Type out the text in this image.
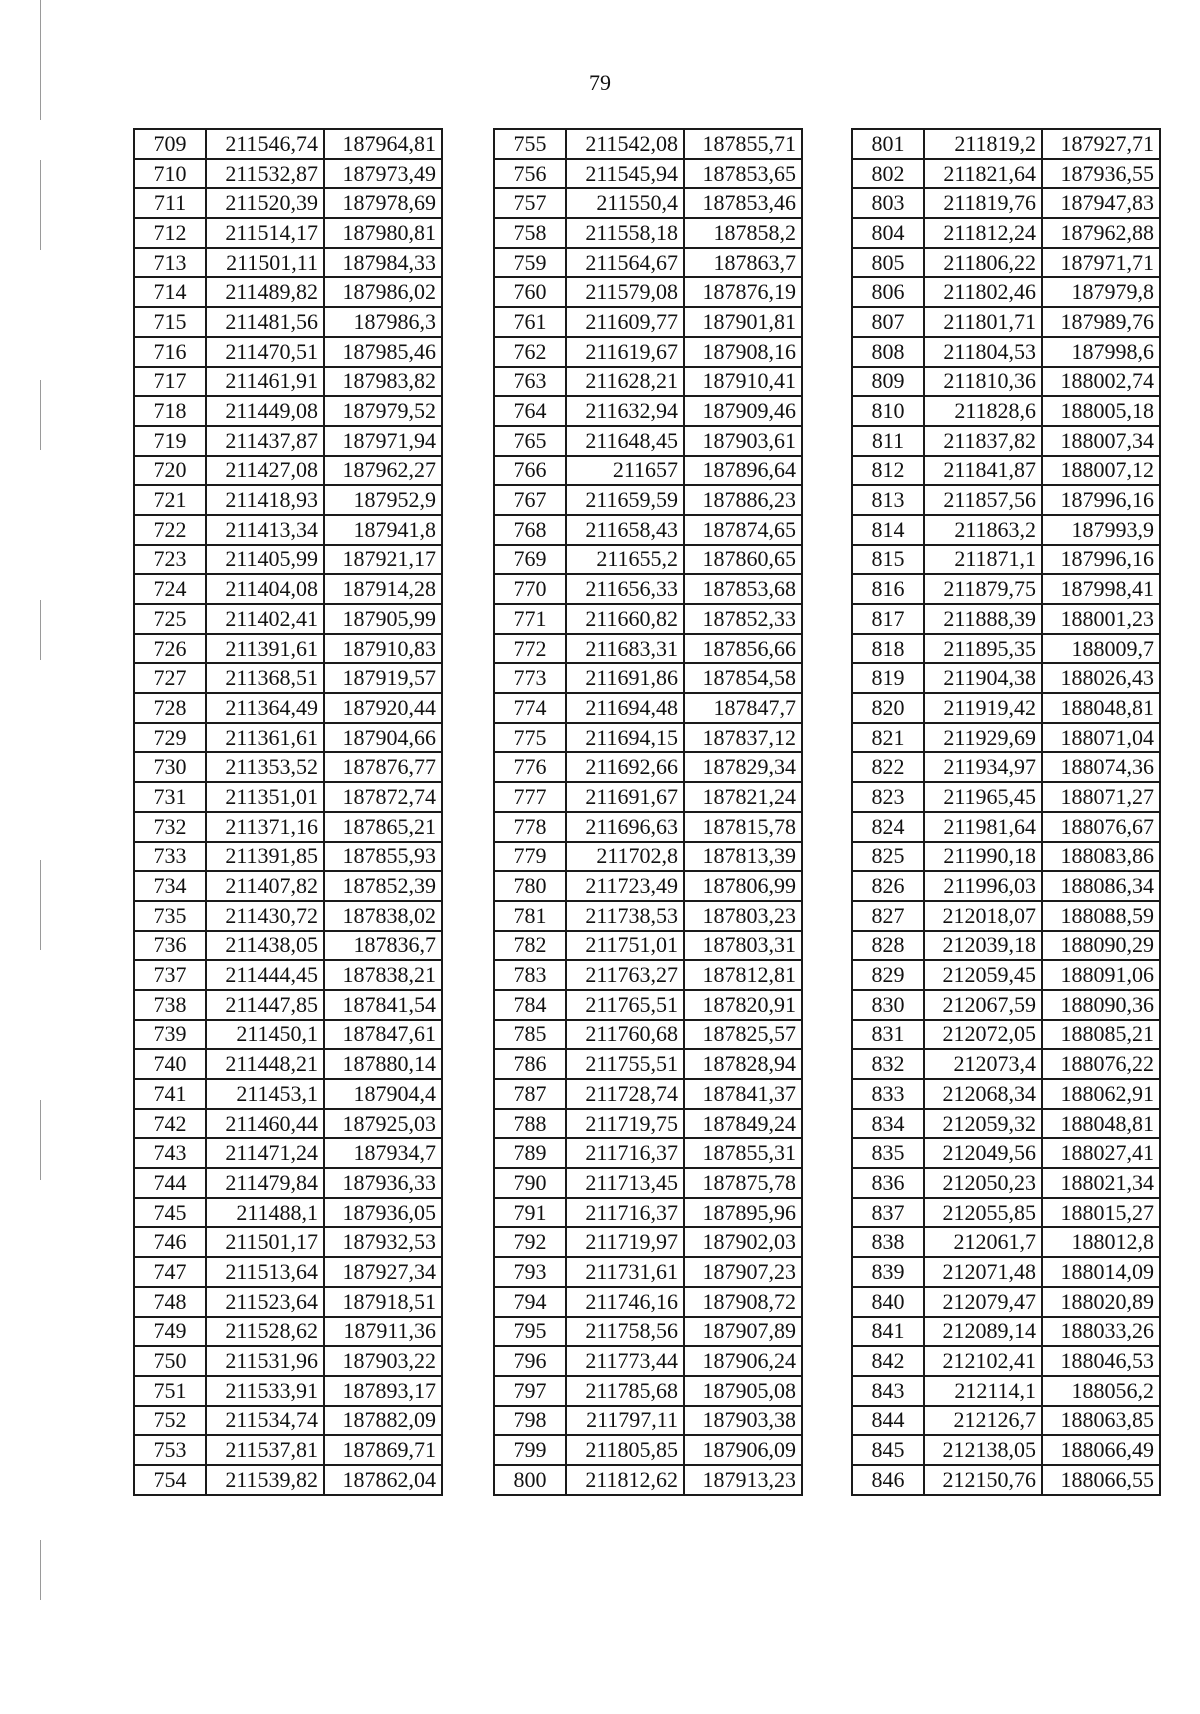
79
709	211546,74	187964,81
710	211532,87	187973,49
711	211520,39	187978,69
712	211514,17	187980,81
713	211501,11	187984,33
714	211489,82	187986,02
715	211481,56	187986,3
716	211470,51	187985,46
717	211461,91	187983,82
718	211449,08	187979,52
719	211437,87	187971,94
720	211427,08	187962,27
721	211418,93	187952,9
722	211413,34	187941,8
723	211405,99	187921,17
724	211404,08	187914,28
725	211402,41	187905,99
726	211391,61	187910,83
727	211368,51	187919,57
728	211364,49	187920,44
729	211361,61	187904,66
730	211353,52	187876,77
731	211351,01	187872,74
732	211371,16	187865,21
733	211391,85	187855,93
734	211407,82	187852,39
735	211430,72	187838,02
736	211438,05	187836,7
737	211444,45	187838,21
738	211447,85	187841,54
739	211450,1	187847,61
740	211448,21	187880,14
741	211453,1	187904,4
742	211460,44	187925,03
743	211471,24	187934,7
744	211479,84	187936,33
745	211488,1	187936,05
746	211501,17	187932,53
747	211513,64	187927,34
748	211523,64	187918,51
749	211528,62	187911,36
750	211531,96	187903,22
751	211533,91	187893,17
752	211534,74	187882,09
753	211537,81	187869,71
754	211539,82	187862,04
755	211542,08	187855,71
756	211545,94	187853,65
757	211550,4	187853,46
758	211558,18	187858,2
759	211564,67	187863,7
760	211579,08	187876,19
761	211609,77	187901,81
762	211619,67	187908,16
763	211628,21	187910,41
764	211632,94	187909,46
765	211648,45	187903,61
766	211657	187896,64
767	211659,59	187886,23
768	211658,43	187874,65
769	211655,2	187860,65
770	211656,33	187853,68
771	211660,82	187852,33
772	211683,31	187856,66
773	211691,86	187854,58
774	211694,48	187847,7
775	211694,15	187837,12
776	211692,66	187829,34
777	211691,67	187821,24
778	211696,63	187815,78
779	211702,8	187813,39
780	211723,49	187806,99
781	211738,53	187803,23
782	211751,01	187803,31
783	211763,27	187812,81
784	211765,51	187820,91
785	211760,68	187825,57
786	211755,51	187828,94
787	211728,74	187841,37
788	211719,75	187849,24
789	211716,37	187855,31
790	211713,45	187875,78
791	211716,37	187895,96
792	211719,97	187902,03
793	211731,61	187907,23
794	211746,16	187908,72
795	211758,56	187907,89
796	211773,44	187906,24
797	211785,68	187905,08
798	211797,11	187903,38
799	211805,85	187906,09
800	211812,62	187913,23
801	211819,2	187927,71
802	211821,64	187936,55
803	211819,76	187947,83
804	211812,24	187962,88
805	211806,22	187971,71
806	211802,46	187979,8
807	211801,71	187989,76
808	211804,53	187998,6
809	211810,36	188002,74
810	211828,6	188005,18
811	211837,82	188007,34
812	211841,87	188007,12
813	211857,56	187996,16
814	211863,2	187993,9
815	211871,1	187996,16
816	211879,75	187998,41
817	211888,39	188001,23
818	211895,35	188009,7
819	211904,38	188026,43
820	211919,42	188048,81
821	211929,69	188071,04
822	211934,97	188074,36
823	211965,45	188071,27
824	211981,64	188076,67
825	211990,18	188083,86
826	211996,03	188086,34
827	212018,07	188088,59
828	212039,18	188090,29
829	212059,45	188091,06
830	212067,59	188090,36
831	212072,05	188085,21
832	212073,4	188076,22
833	212068,34	188062,91
834	212059,32	188048,81
835	212049,56	188027,41
836	212050,23	188021,34
837	212055,85	188015,27
838	212061,7	188012,8
839	212071,48	188014,09
840	212079,47	188020,89
841	212089,14	188033,26
842	212102,41	188046,53
843	212114,1	188056,2
844	212126,7	188063,85
845	212138,05	188066,49
846	212150,76	188066,55
